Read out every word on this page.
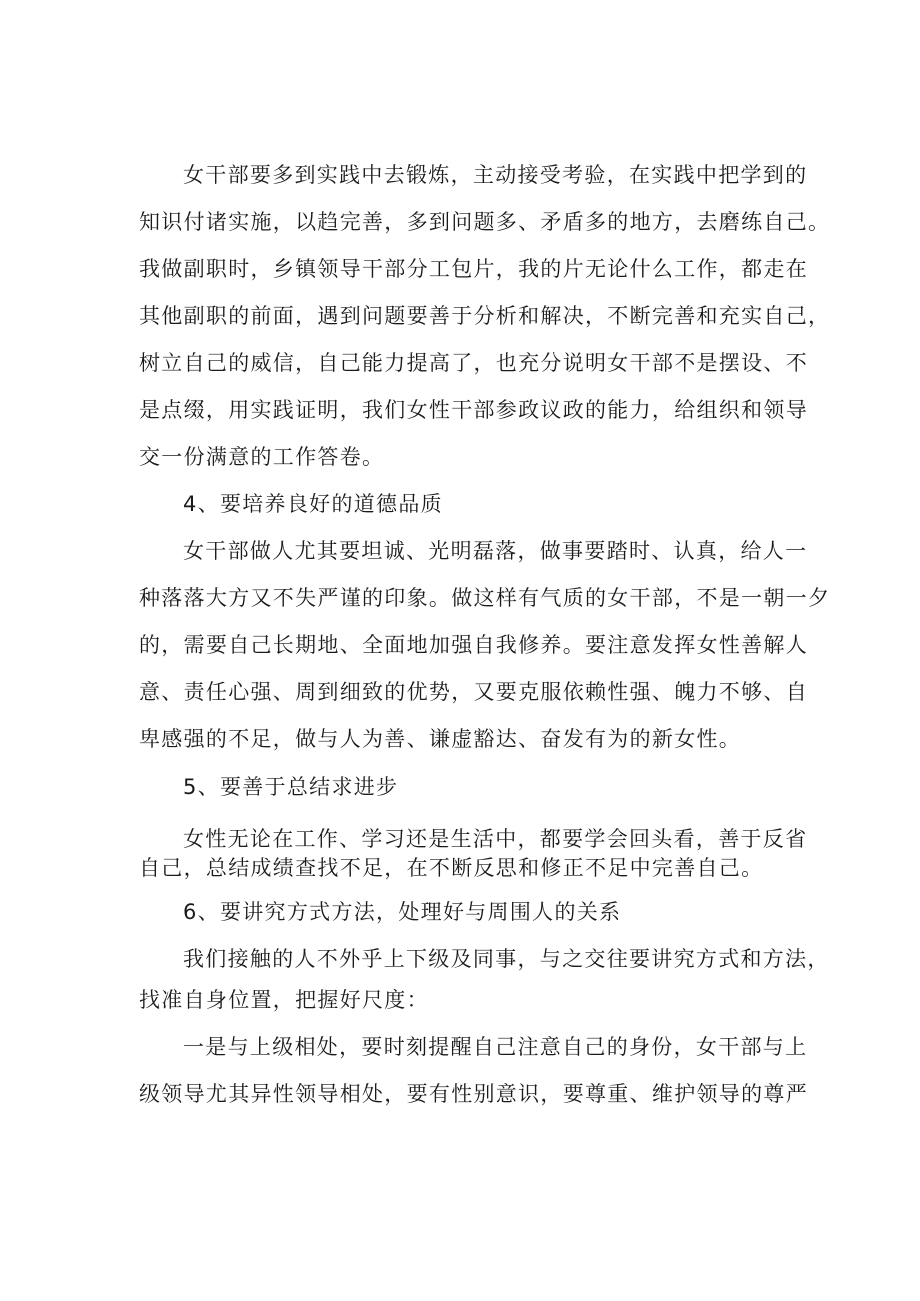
女干部要多到实践中去锻炼，主动接受考验，在实践中把学到的
知识付诸实施，以趋完善，多到问题多、矛盾多的地方，去磨练自己。
我做副职时，乡镇领导干部分工包片，我的片无论什么工作，都走在
其他副职的前面，遇到问题要善于分析和解决，不断完善和充实自己，
树立自己的威信，自己能力提高了，也充分说明女干部不是摆设、不
是点缀，用实践证明，我们女性干部参政议政的能力，给组织和领导
交一份满意的工作答卷。
4、要培养良好的道德品质
女干部做人尤其要坦诚、光明磊落，做事要踏时、认真，给人一
种落落大方又不失严谨的印象。做这样有气质的女干部，不是一朝一夕
的，需要自己长期地、全面地加强自我修养。要注意发挥女性善解人
意、责任心强、周到细致的优势，又要克服依赖性强、魄力不够、自
卑感强的不足，做与人为善、谦虚豁达、奋发有为的新女性。
5、要善于总结求进步
女性无论在工作、学习还是生活中，都要学会回头看，善于反省
自己，总结成绩查找不足，在不断反思和修正不足中完善自己。
6、要讲究方式方法，处理好与周围人的关系
我们接触的人不外乎上下级及同事，与之交往要讲究方式和方法，
找准自身位置，把握好尺度：
一是与上级相处，要时刻提醒自己注意自己的身份，女干部与上
级领导尤其异性领导相处，要有性别意识，要尊重、维护领导的尊严
